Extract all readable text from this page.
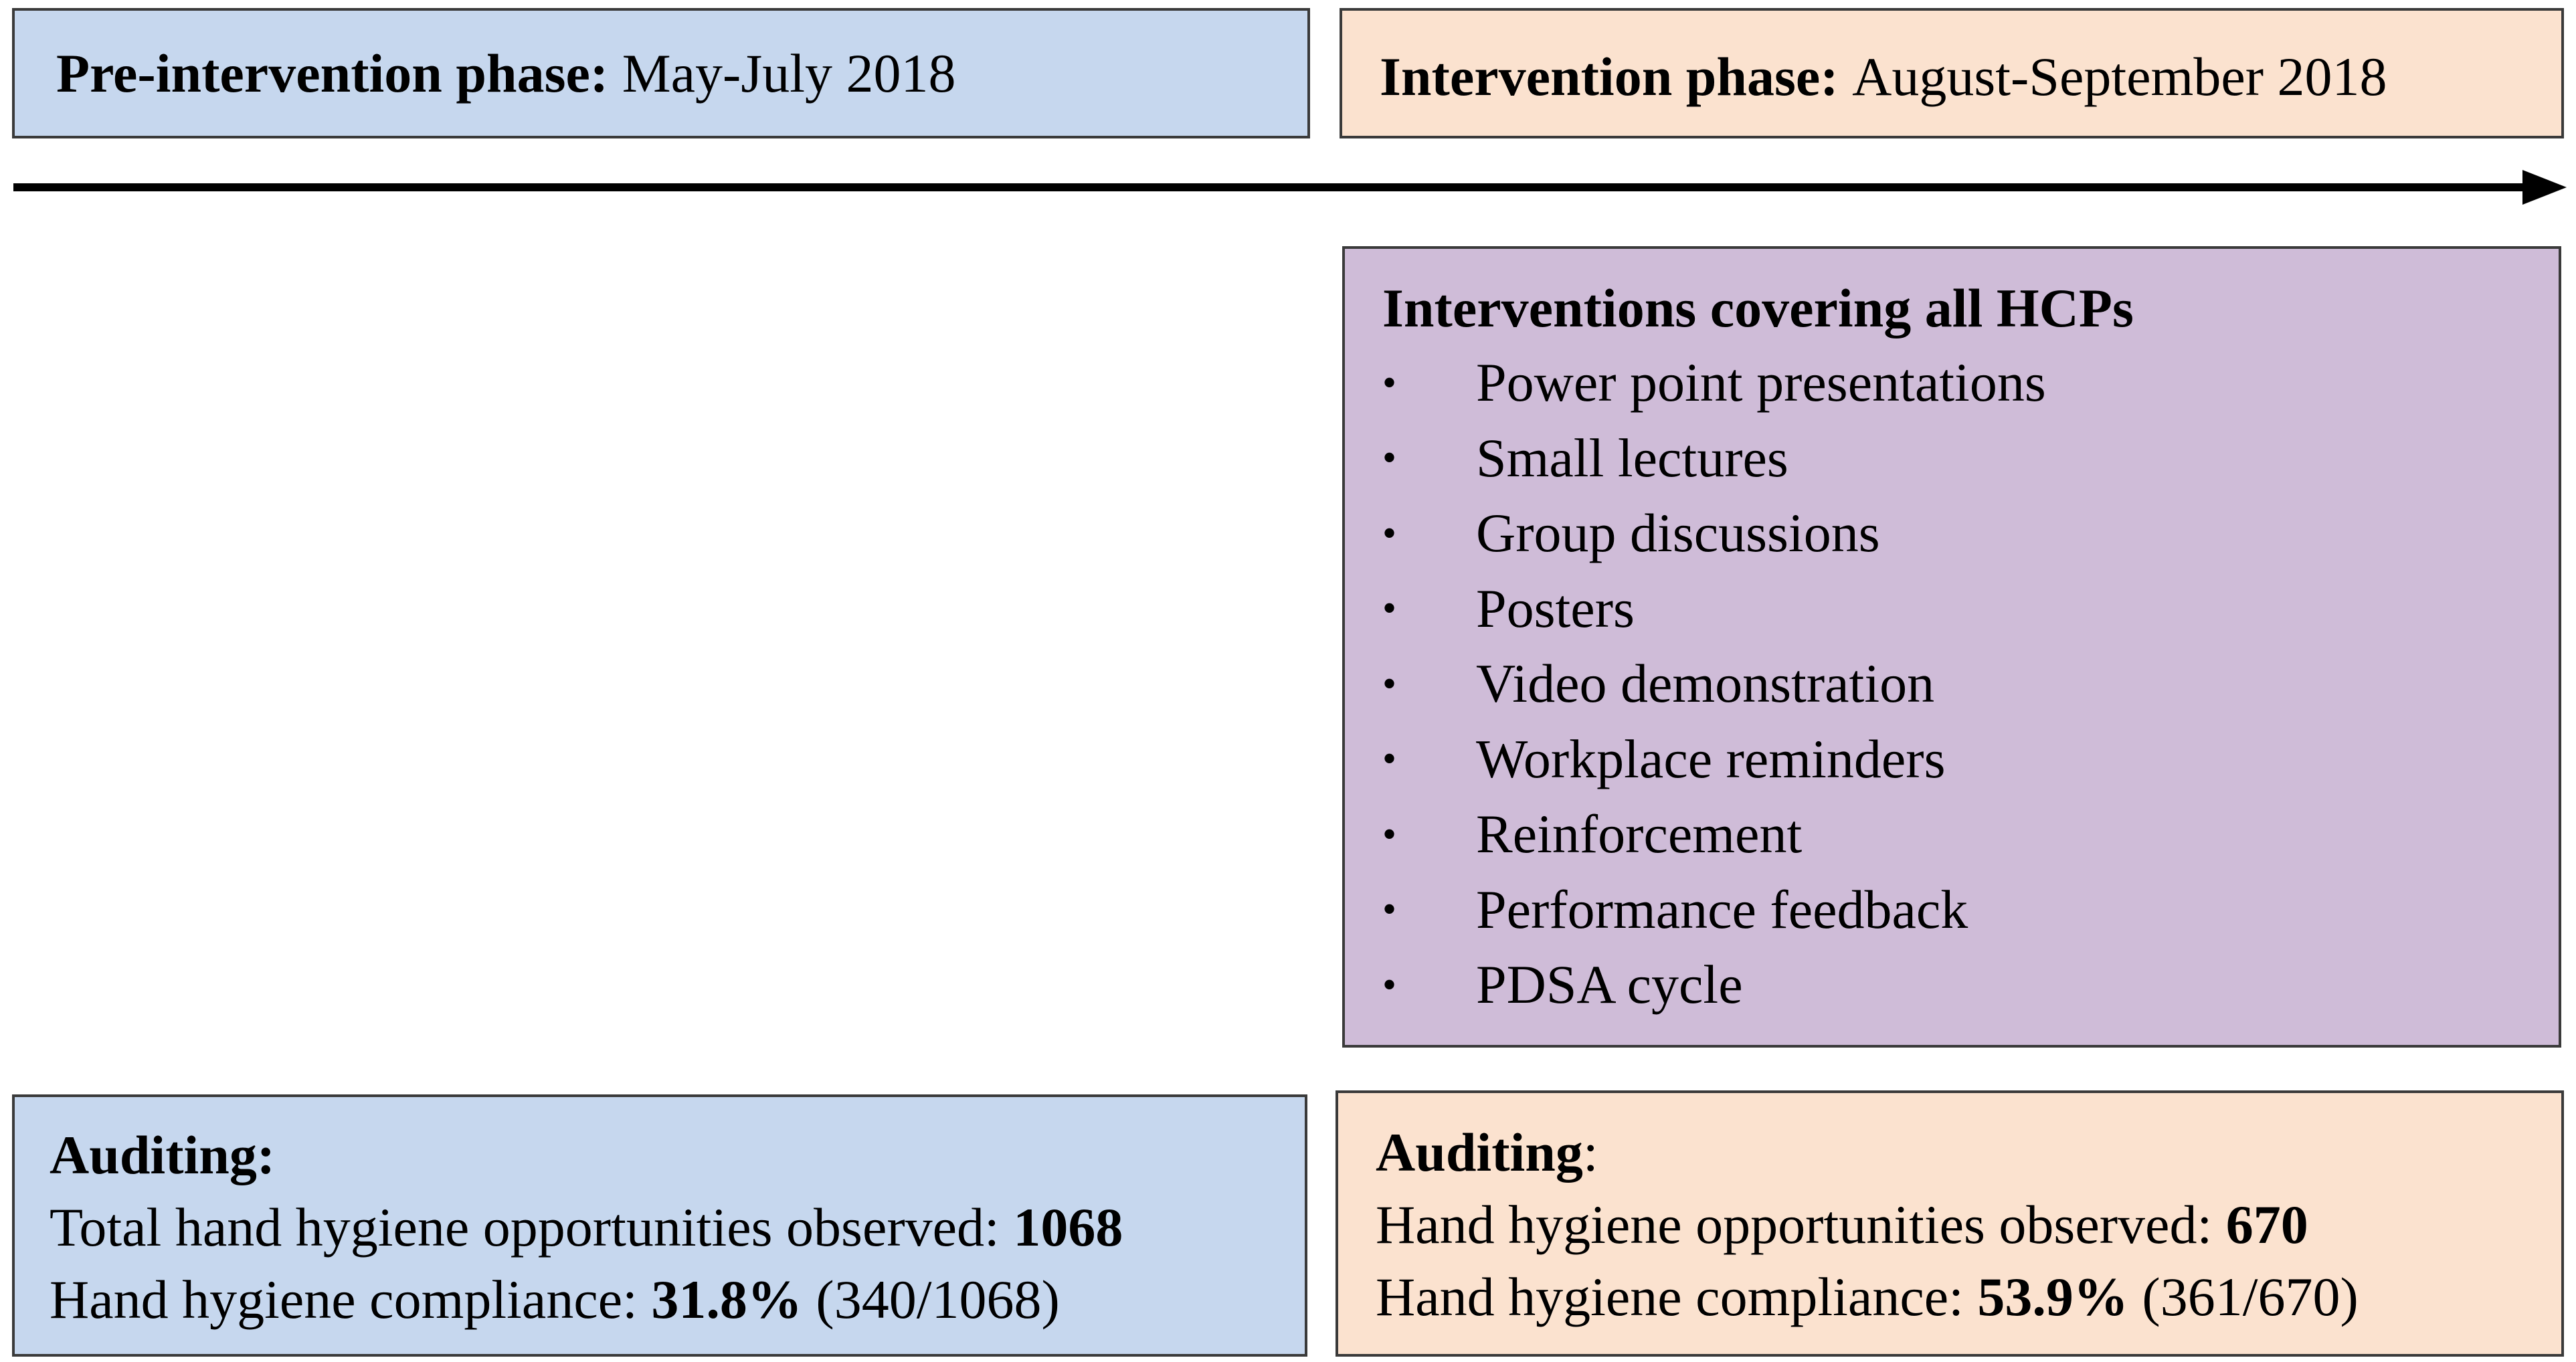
Pre-intervention phase:
May-July 2018	Intervention phase:
August-September 2018
Interventions covering all HCPs
•	Power point presentations
•	Small lectures
•	Group discussions
•	Posters
•	Video demonstration
•	Workplace reminders
•	Reinforcement
•	Performance feedback
•	PDSA cycle
Auditing:
Total hand hygiene opportunities observed: 1068
Hand hygiene compliance: 31.8% (340/1068)
Auditing:
Hand hygiene opportunities observed: 670
Hand hygiene compliance: 53.9% (361/670)
